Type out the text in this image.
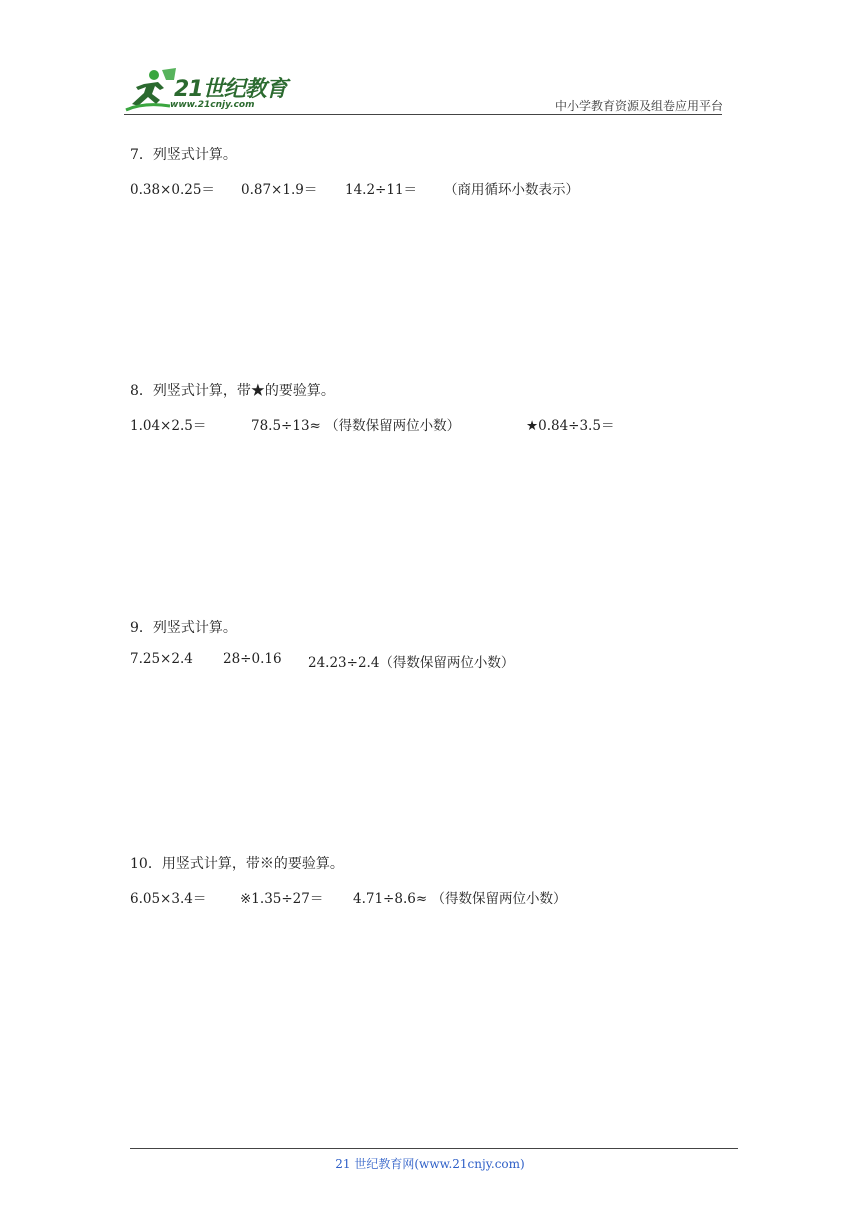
21世纪教育
www.21cnjy.com	中小学教育资源及组卷应用平台
7．列竖式计算。
0.38×0.25＝ 0.87×1.9＝ 14.2÷11＝ （商用循环小数表示）
8．列竖式计算，带★的要验算。
1.04×2.5＝	78.5÷13≈ （得数保留两位小数）	★0.84÷3.5＝
9．列竖式计算。
7.25×2.4 28÷0.16 24.23÷2.4（得数保留两位小数）
10．用竖式计算，带※的要验算。
6.05×3.4＝ ※1.35÷27＝ 4.71÷8.6≈ （得数保留两位小数）
21 世纪教育网(www.21cnjy.com)
